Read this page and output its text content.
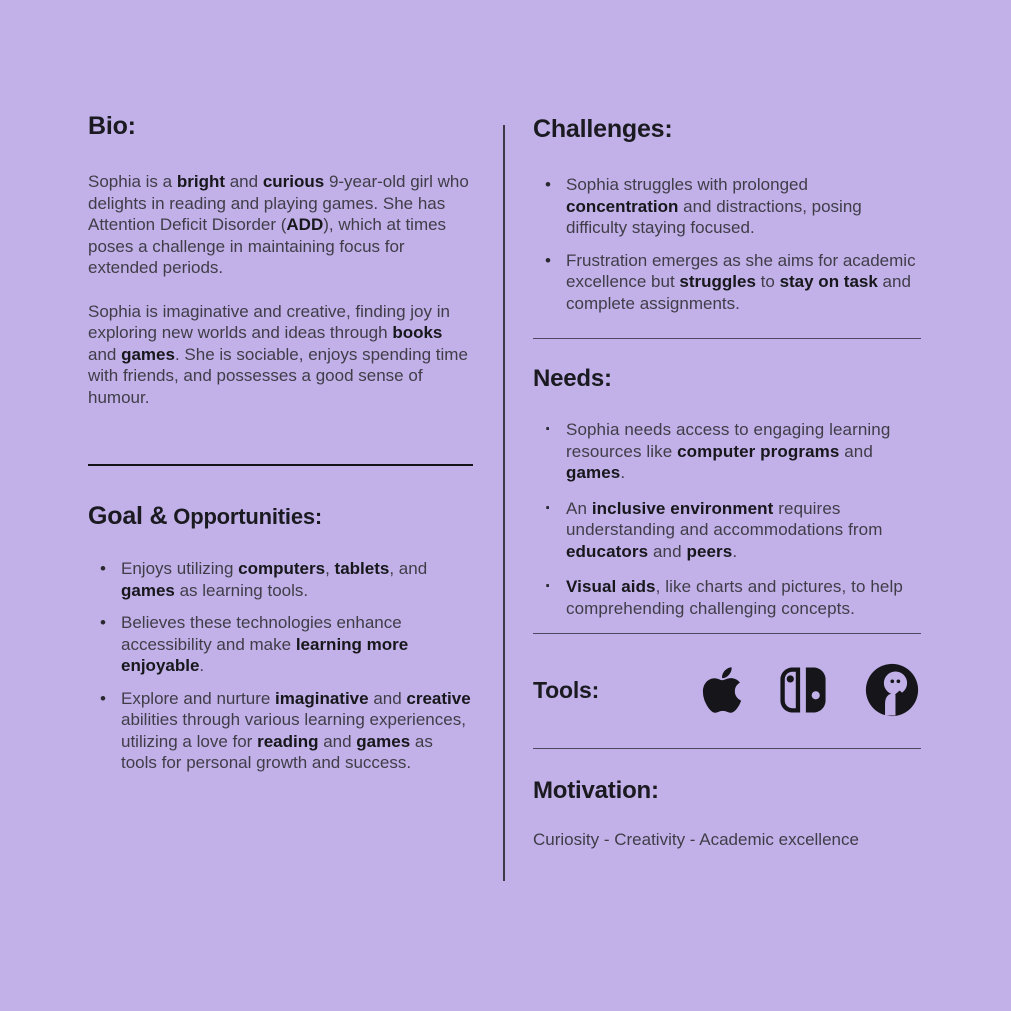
Bio:

Sophia is a bright and curious 9-year-old girl who delights in reading and playing games. She has Attention Deficit Disorder (ADD), which at times poses a challenge in maintaining focus for extended periods.

Sophia is imaginative and creative, finding joy in exploring new worlds and ideas through books and games. She is sociable, enjoys spending time with friends, and possesses a good sense of humour.

Goal & Opportunities:
• Enjoys utilizing computers, tablets, and games as learning tools.
• Believes these technologies enhance accessibility and make learning more enjoyable.
• Explore and nurture imaginative and creative abilities through various learning experiences, utilizing a love for reading and games as tools for personal growth and success.
Challenges:
• Sophia struggles with prolonged concentration and distractions, posing difficulty staying focused.
• Frustration emerges as she aims for academic excellence but struggles to stay on task and complete assignments.
Needs:
· Sophia needs access to engaging learning resources like computer programs and games.
· An inclusive environment requires understanding and accommodations from educators and peers.
· Visual aids, like charts and pictures, to help comprehending challenging concepts.
Tools:
Motivation:

Curiosity - Creativity - Academic excellence
